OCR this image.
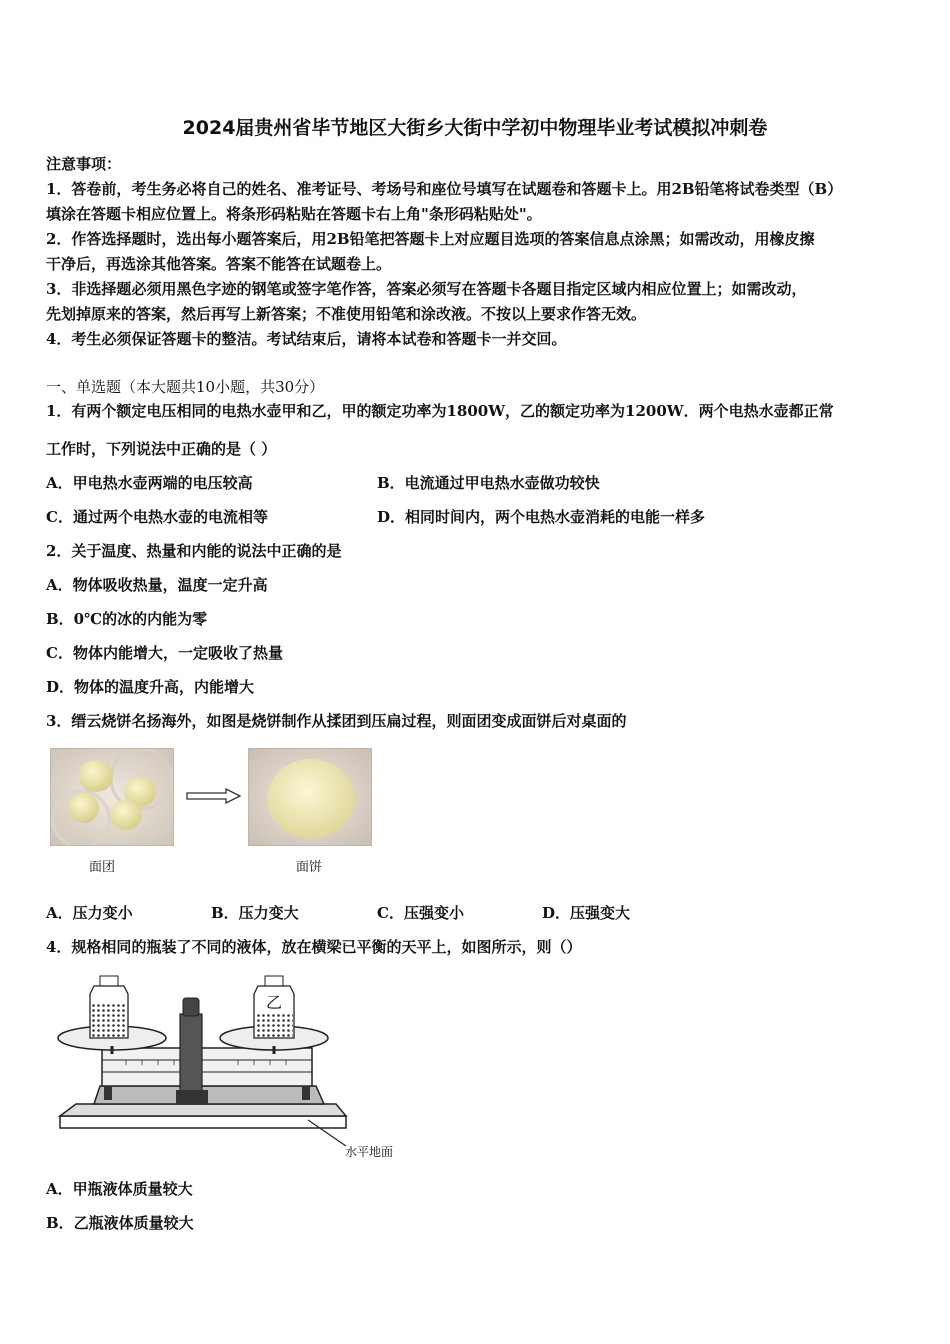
2024届贵州省毕节地区大街乡大街中学初中物理毕业考试模拟冲刺卷
注意事项：
1．答卷前，考生务必将自己的姓名、准考证号、考场号和座位号填写在试题卷和答题卡上。用2B铅笔将试卷类型（B）
填涂在答题卡相应位置上。将条形码粘贴在答题卡右上角"条形码粘贴处"。
2．作答选择题时，选出每小题答案后，用2B铅笔把答题卡上对应题目选项的答案信息点涂黑；如需改动，用橡皮擦
干净后，再选涂其他答案。答案不能答在试题卷上。
3．非选择题必须用黑色字迹的钢笔或签字笔作答，答案必须写在答题卡各题目指定区域内相应位置上；如需改动，
先划掉原来的答案，然后再写上新答案；不准使用铅笔和涂改液。不按以上要求作答无效。
4．考生必须保证答题卡的整洁。考试结束后，请将本试卷和答题卡一并交回。
一、单选题（本大题共10小题，共30分）
1．有两个额定电压相同的电热水壶甲和乙，甲的额定功率为1800W，乙的额定功率为1200W．两个电热水壶都正常
工作时，下列说法中正确的是（ ）
A．甲电热水壶两端的电压较高	B．电流通过甲电热水壶做功较快
C．通过两个电热水壶的电流相等	D．相同时间内，两个电热水壶消耗的电能一样多
2．关于温度、热量和内能的说法中正确的是
A．物体吸收热量，温度一定升高
B．0℃的冰的内能为零
C．物体内能增大，一定吸收了热量
D．物体的温度升高，内能增大
3．缙云烧饼名扬海外，如图是烧饼制作从揉团到压扁过程，则面团变成面饼后对桌面的
面团	面饼
A．压力变小	B．压力变大	C．压强变小	D．压强变大
4．规格相同的瓶装了不同的液体，放在横梁已平衡的天平上，如图所示，则（）
乙
水平地面
A．甲瓶液体质量较大
B．乙瓶液体质量较大
